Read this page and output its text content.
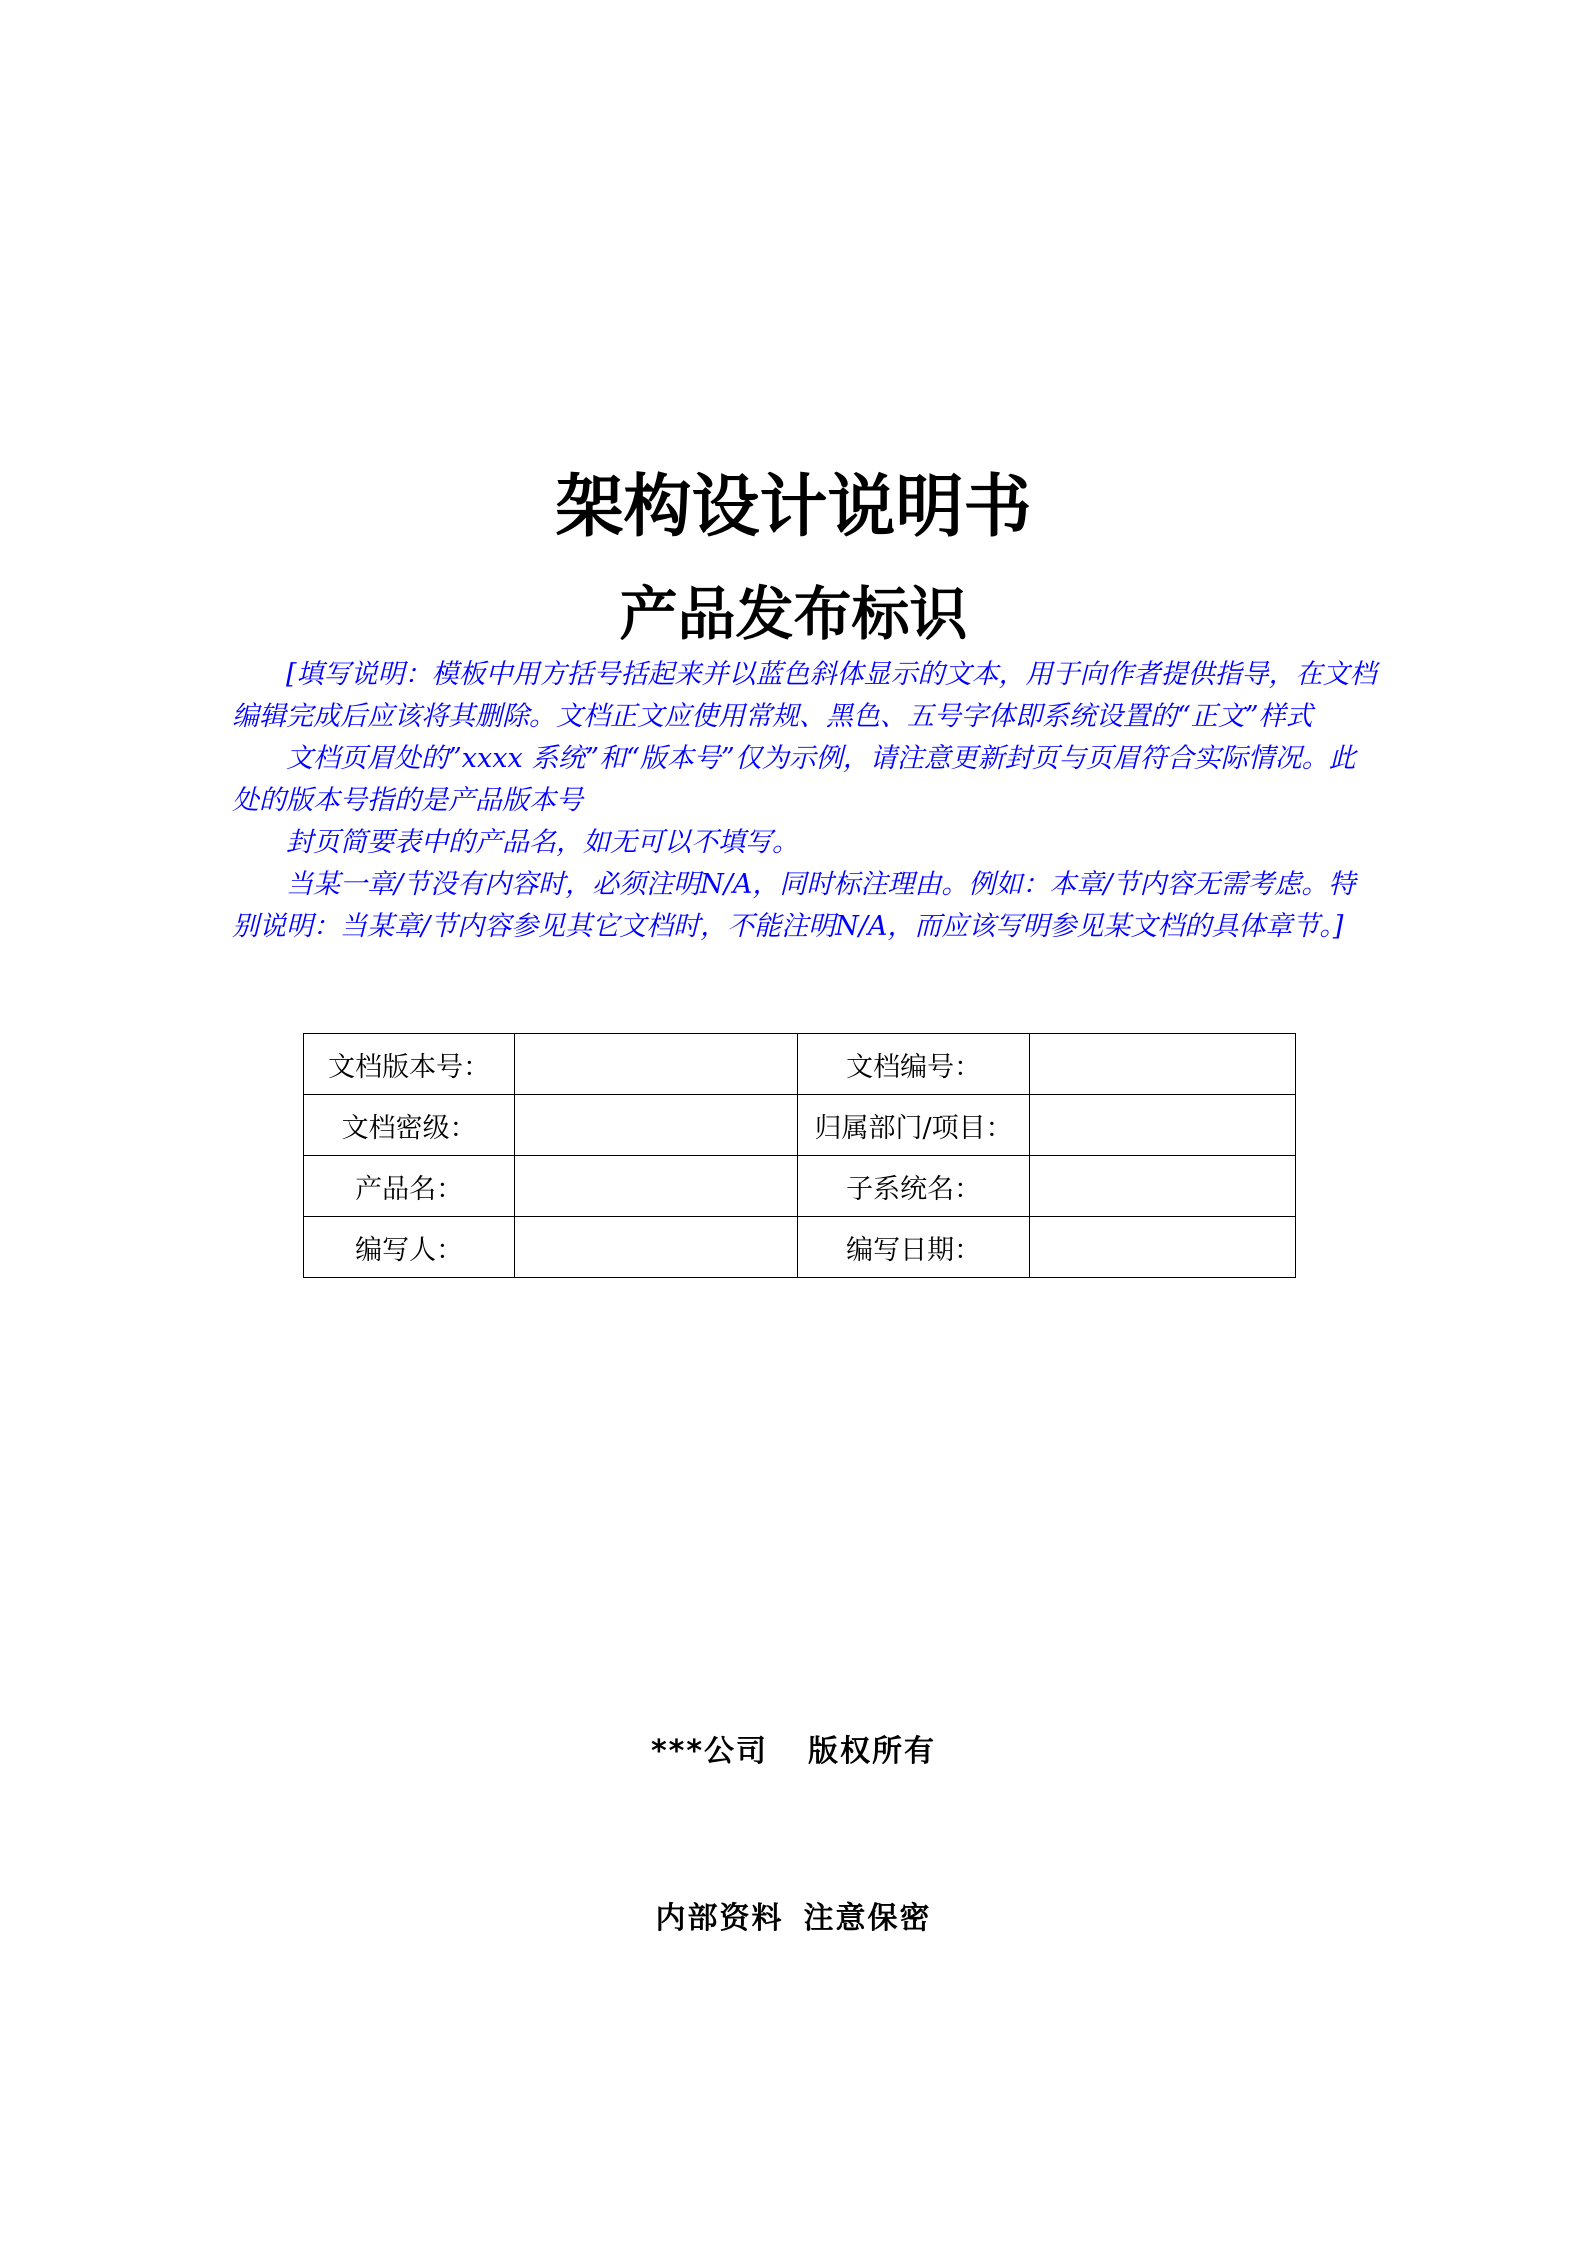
架构设计说明书
产品发布标识

[填写说明：模板中用方括号括起来并以蓝色斜体显示的文本，用于向作者提供指导，在文档编辑完成后应该将其删除。文档正文应使用常规、黑色、五号字体即系统设置的“正文”样式

文档页眉处的”xxxx 系统”和“版本号”仅为示例，请注意更新封页与页眉符合实际情况。此处的版本号指的是产品版本号

封页简要表中的产品名，如无可以不填写。

当某一章/节没有内容时，必须注明N/A，同时标注理由。例如：本章/节内容无需考虑。特别说明：当某章/节内容参见其它文档时，不能注明N/A，而应该写明参见某文档的具体章节。]

文档版本号：		文档编号：	
文档密级：		归属部门/项目：	
产品名：		子系统名：	
编写人：		编写日期：	
***公司 版权所有
内部资料 注意保密
